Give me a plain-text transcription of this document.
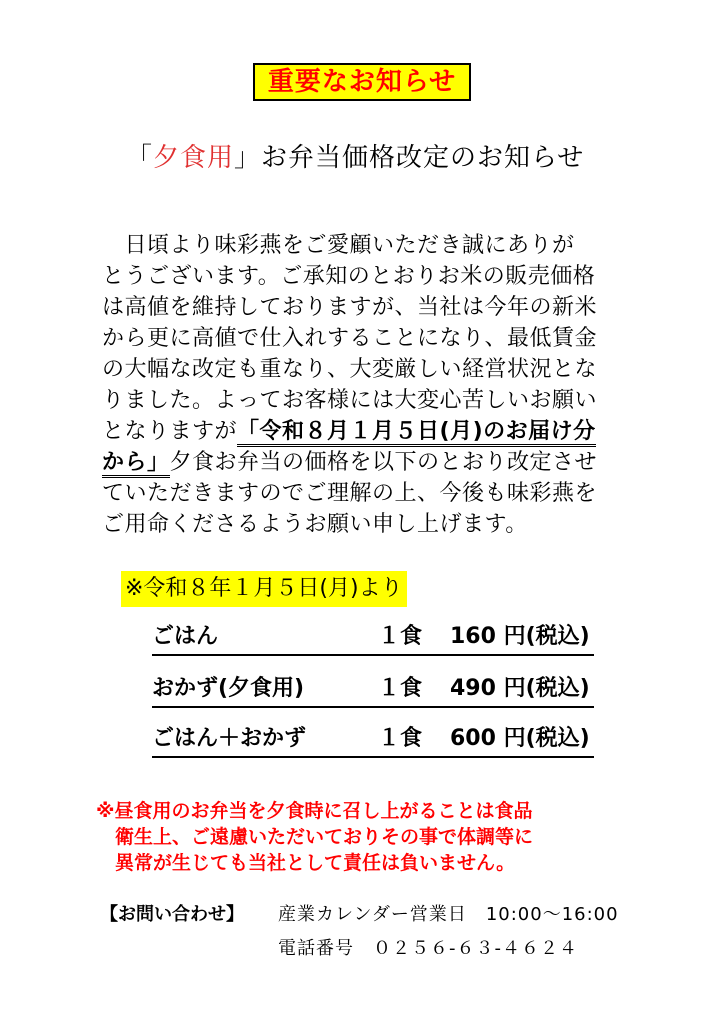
重要なお知らせ
「夕食用」お弁当価格改定のお知らせ

　日頃より味彩燕をご愛顧いただき誠にありが

とうございます。ご承知のとおりお米の販売価格

は高値を維持しておりますが、当社は今年の新米

から更に高値で仕入れすることになり、最低賃金

の大幅な改定も重なり、大変厳しい経営状況とな

りました。よってお客様には大変心苦しいお願い

となりますが「令和８月１月５日(月)のお届け分

から」夕食お弁当の価格を以下のとおり改定させ

ていただきますのでご理解の上、今後も味彩燕を

ご用命くださるようお願い申し上げます。

※令和８年１月５日(月)より
ごはん	１食 160 円(税込)
おかず(夕食用)	１食 490 円(税込)
ごはん＋おかず	１食 600 円(税込)

※昼食用のお弁当を夕食時に召し上がることは食品

　衛生上、ご遠慮いただいておりその事で体調等に

　異常が生じても当社として責任は負いません。

【お問い合わせ】 産業カレンダー営業日　10:00～16:00
電話番号　０２５６-６３-４６２４
